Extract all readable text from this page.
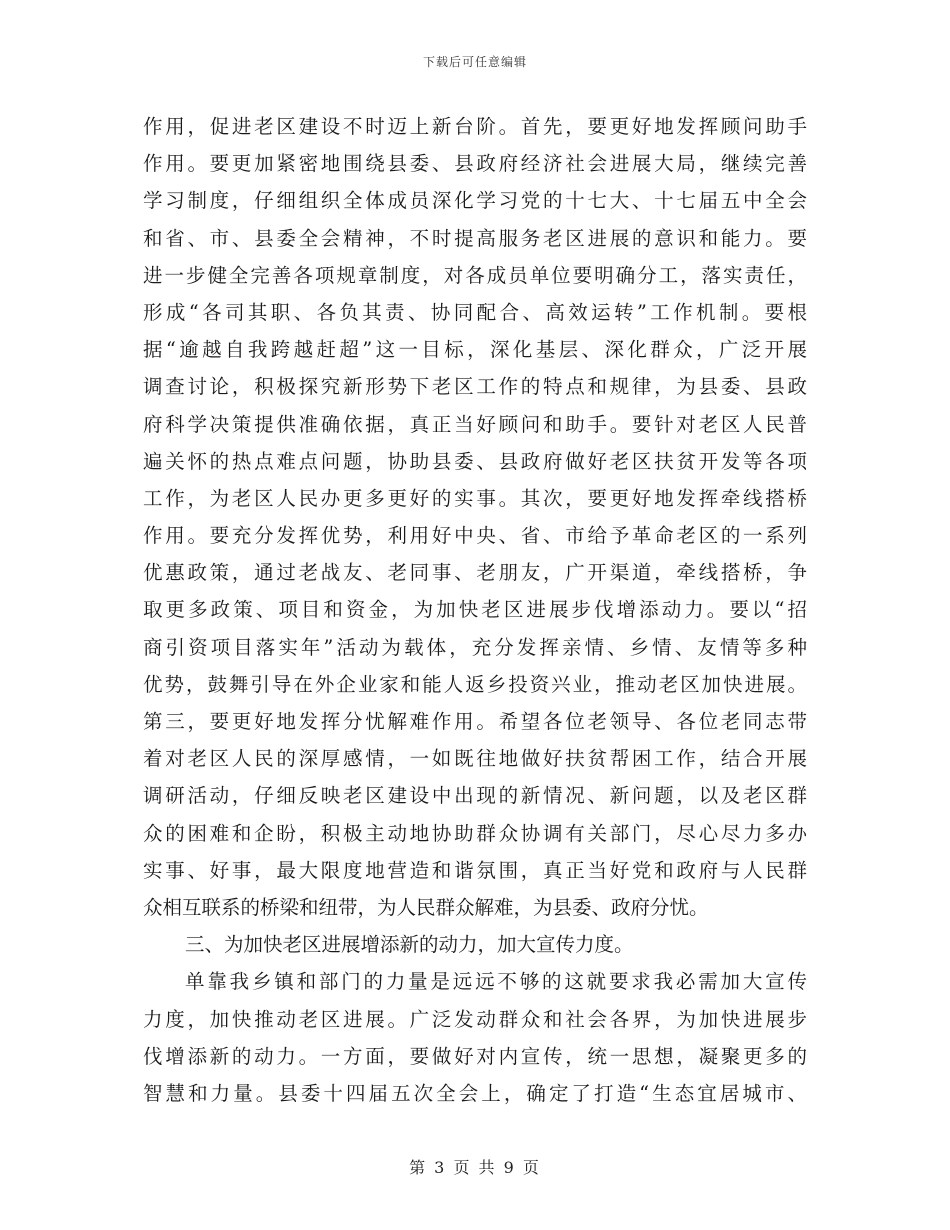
下载后可任意编辑
作用，促进老区建设不时迈上新台阶。首先，要更好地发挥顾问助手
作用。要更加紧密地围绕县委、县政府经济社会进展大局，继续完善
学习制度，仔细组织全体成员深化学习党的十七大、十七届五中全会
和省、市、县委全会精神，不时提高服务老区进展的意识和能力。要
进一步健全完善各项规章制度，对各成员单位要明确分工，落实责任，
形成“各司其职、各负其责、协同配合、高效运转”工作机制。要根
据“逾越自我跨越赶超”这一目标，深化基层、深化群众，广泛开展
调查讨论，积极探究新形势下老区工作的特点和规律，为县委、县政
府科学决策提供准确依据，真正当好顾问和助手。要针对老区人民普
遍关怀的热点难点问题，协助县委、县政府做好老区扶贫开发等各项
工作，为老区人民办更多更好的实事。其次，要更好地发挥牵线搭桥
作用。要充分发挥优势，利用好中央、省、市给予革命老区的一系列
优惠政策，通过老战友、老同事、老朋友，广开渠道，牵线搭桥，争
取更多政策、项目和资金，为加快老区进展步伐增添动力。要以“招
商引资项目落实年”活动为载体，充分发挥亲情、乡情、友情等多种
优势，鼓舞引导在外企业家和能人返乡投资兴业，推动老区加快进展。
第三，要更好地发挥分忧解难作用。希望各位老领导、各位老同志带
着对老区人民的深厚感情，一如既往地做好扶贫帮困工作，结合开展
调研活动，仔细反映老区建设中出现的新情况、新问题，以及老区群
众的困难和企盼，积极主动地协助群众协调有关部门，尽心尽力多办
实事、好事，最大限度地营造和谐氛围，真正当好党和政府与人民群
众相互联系的桥梁和纽带，为人民群众解难，为县委、政府分忧。
三、为加快老区进展增添新的动力，加大宣传力度。
单靠我乡镇和部门的力量是远远不够的这就要求我必需加大宣传
力度，加快推动老区进展。广泛发动群众和社会各界，为加快进展步
伐增添新的动力。一方面，要做好对内宣传，统一思想，凝聚更多的
智慧和力量。县委十四届五次全会上，确定了打造“生态宜居城市、
第 3 页 共 9 页
